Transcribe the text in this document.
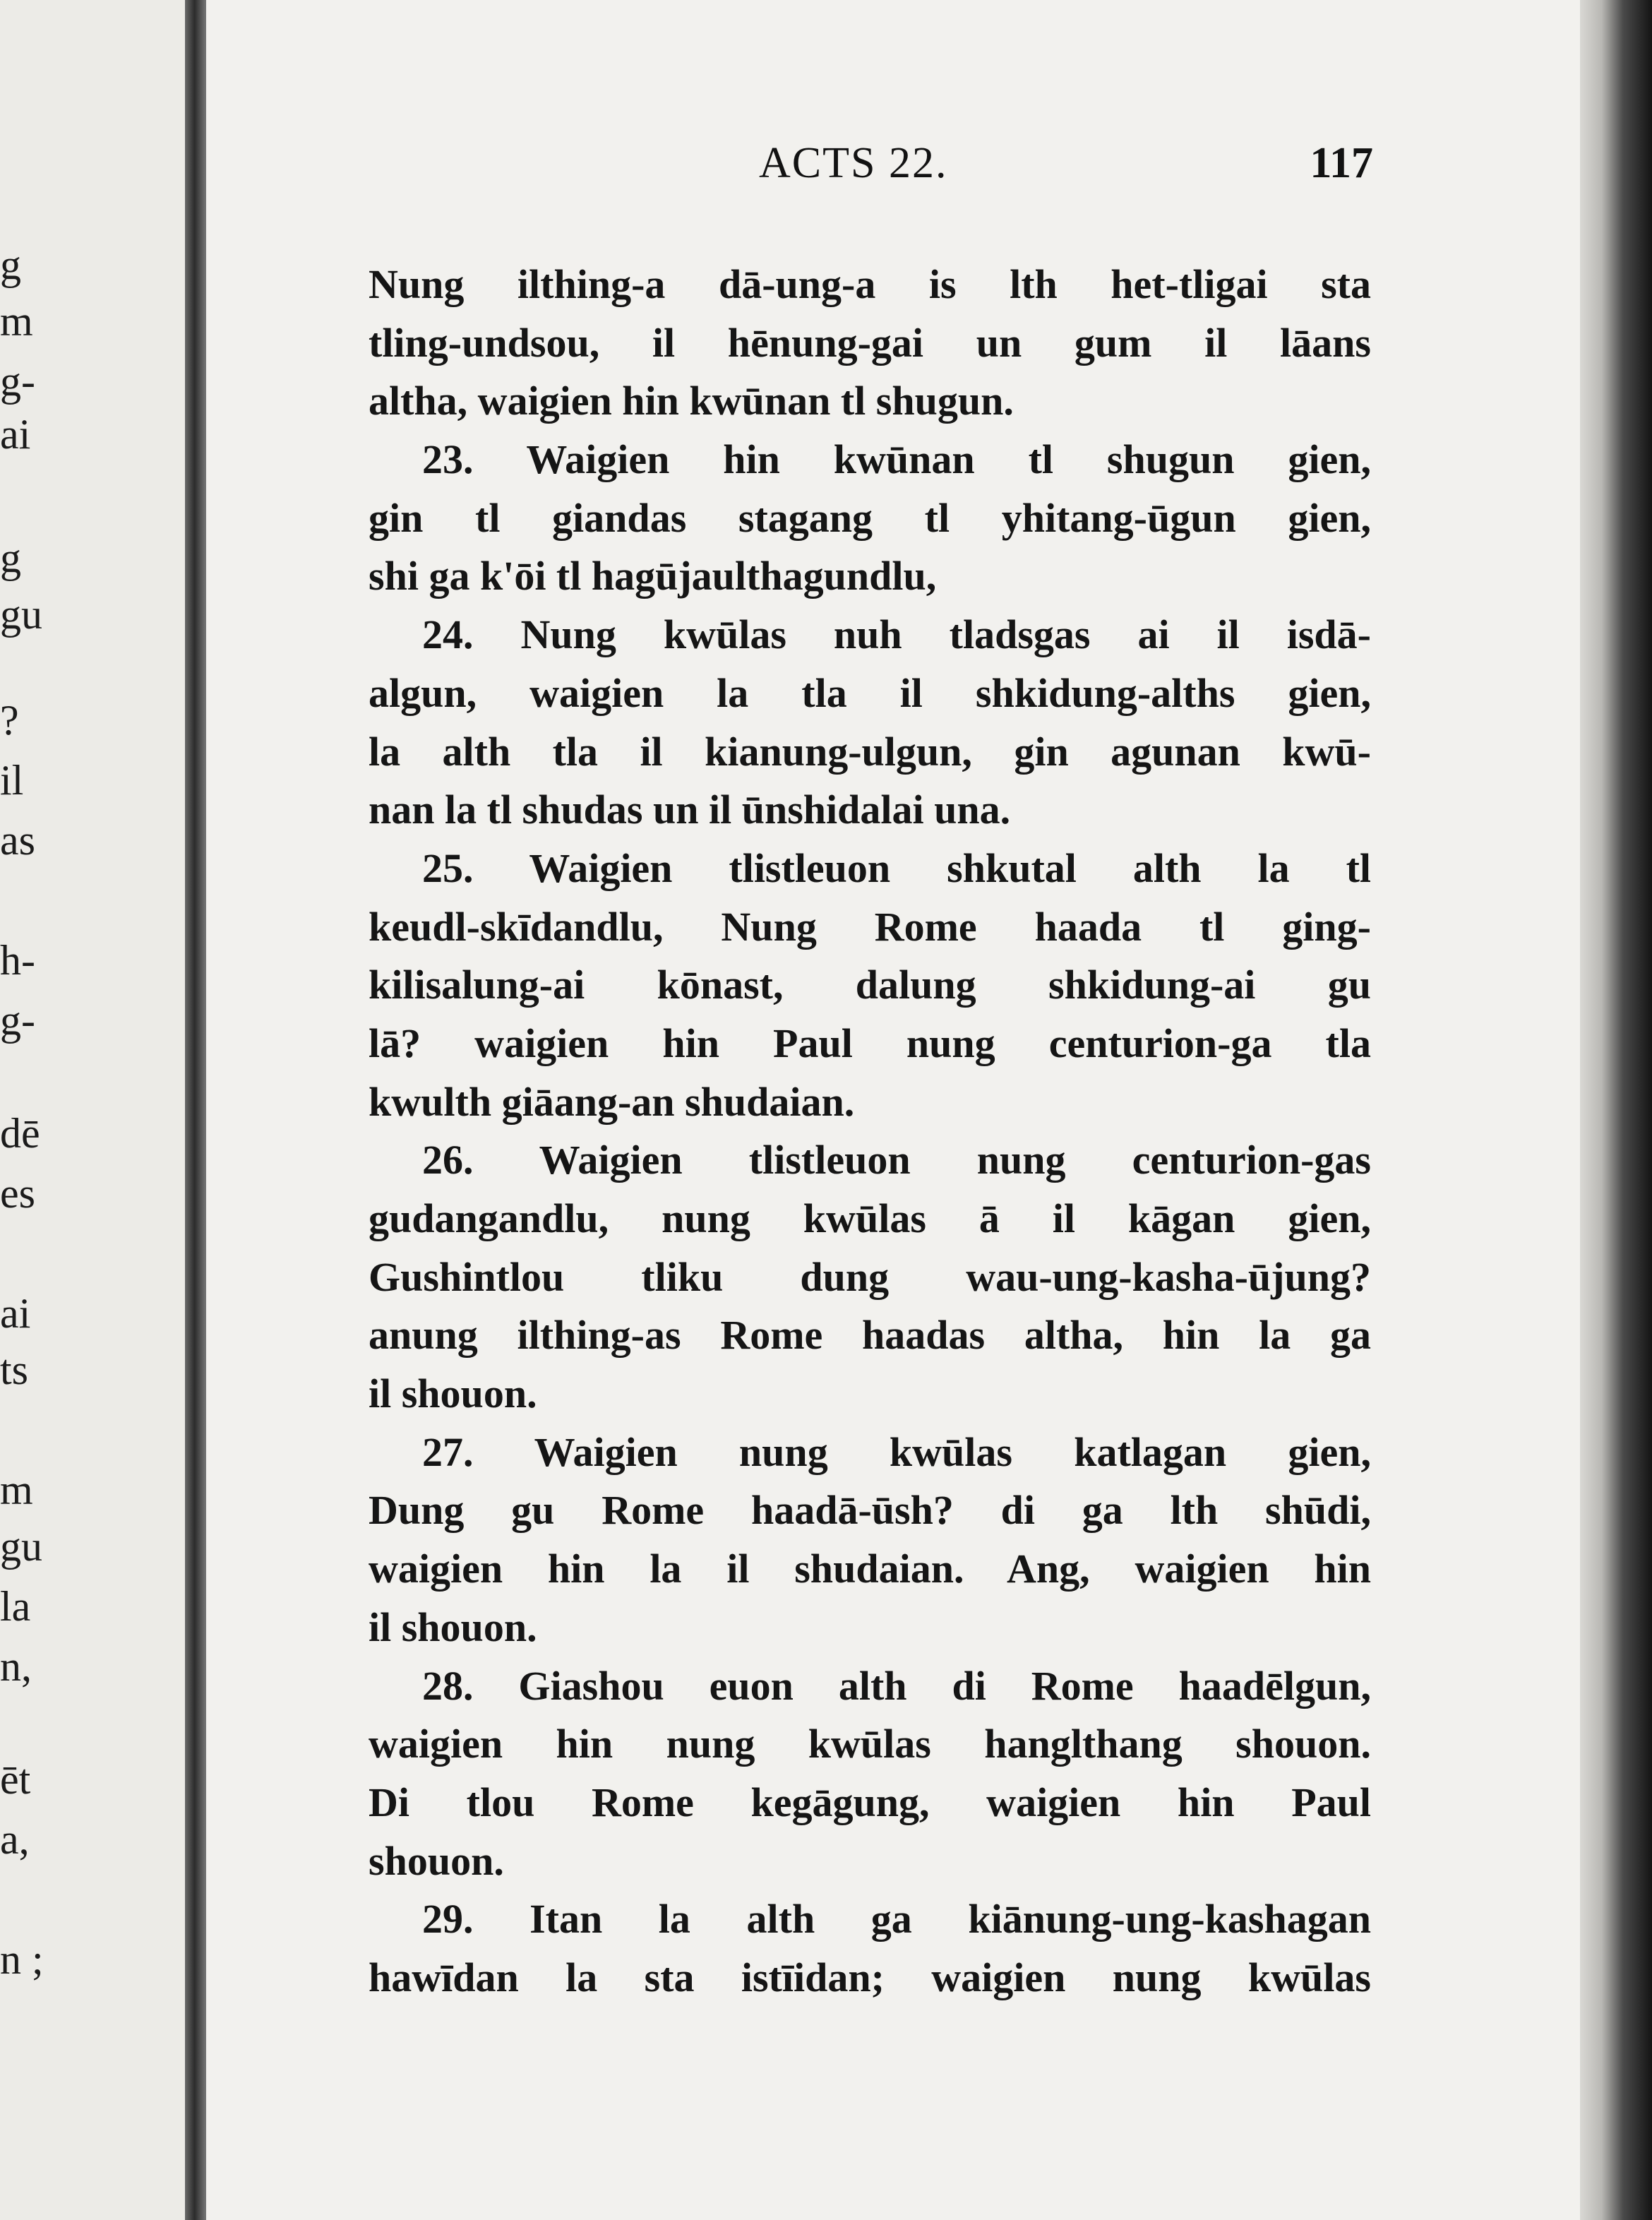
g
m
g-
ai
g
gu
?
il
as
h-
g-
dē
es
ai
ts
m
gu
la
n,
ēt
a,
n ;
ACTS 22.	117
Nung ilthing-a dā-ung-a is lth het-tligai sta
tling-undsou, il hēnung-gai un gum il lāans
altha, waigien hin kwūnan tl shugun.
23. Waigien hin kwūnan tl shugun gien,
gin tl giandas stagang tl yhitang-ūgun gien,
shi ga k'ōi tl hagūjaulthagundlu,
24. Nung kwūlas nuh tladsgas ai il isdā-
algun, waigien la tla il shkidung-alths gien,
la alth tla il kianung-ulgun, gin agunan kwū-
nan la tl shudas un il ūnshidalai una.
25. Waigien tlistleuon shkutal alth la tl
keudl-skīdandlu, Nung Rome haada tl ging-
kilisalung-ai kōnast, dalung shkidung-ai gu
lā? waigien hin Paul nung centurion-ga tla
kwulth giāang-an shudaian.
26. Waigien tlistleuon nung centurion-gas
gudangandlu, nung kwūlas ā il kāgan gien,
Gushintlou tliku dung wau-ung-kasha-ūjung?
anung ilthing-as Rome haadas altha, hin la ga
il shouon.
27. Waigien nung kwūlas katlagan gien,
Dung gu Rome haadā-ūsh? di ga lth shūdi,
waigien hin la il shudaian. Ang, waigien hin
il shouon.
28. Giashou euon alth di Rome haadēlgun,
waigien hin nung kwūlas hanglthang shouon.
Di tlou Rome kegāgung, waigien hin Paul
shouon.
29. Itan la alth ga kiānung-ung-kashagan
hawīdan la sta istīidan; waigien nung kwūlas
